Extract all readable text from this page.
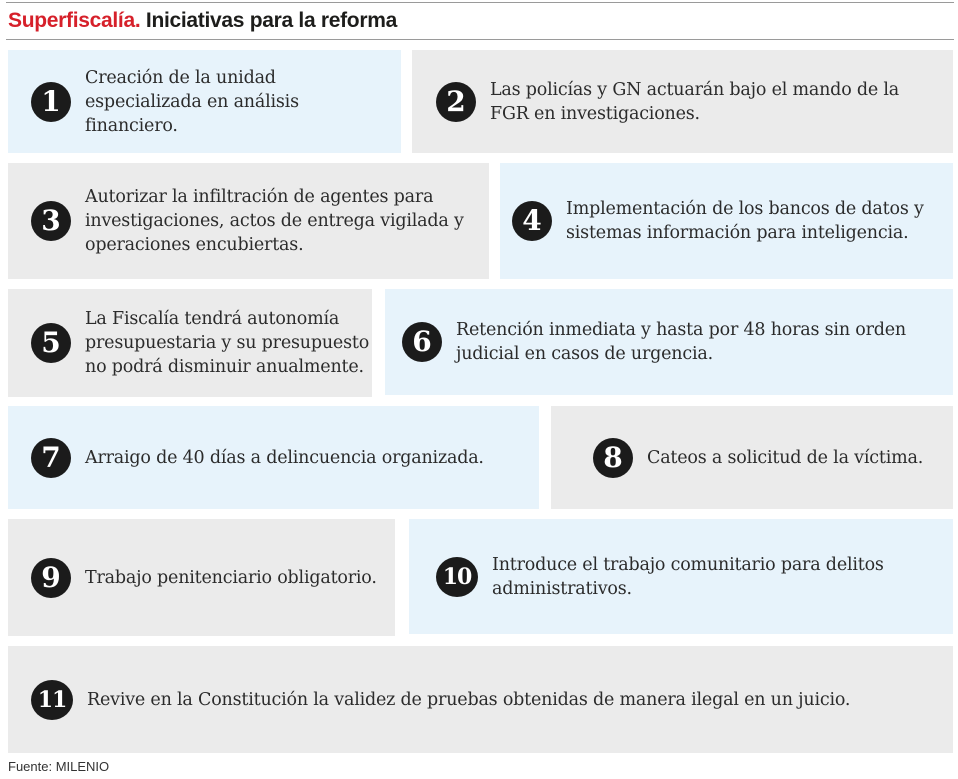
Superfiscalía. Iniciativas para la reforma
1
Creación de la unidad especializada en análisis financiero.
2	Las policías y GN actuarán bajo el mando de la FGR en investigaciones.
3
Autorizar la infiltración de agentes para investigaciones, actos de entrega vigilada y operaciones encubiertas.
4	Implementación de los bancos de datos y sistemas información para inteligencia.
5
La Fiscalía tendrá autonomía presupuestaria y su presupuesto no podrá disminuir anualmente.
6	Retención inmediata y hasta por 48 horas sin orden judicial en casos de urgencia.
7	Arraigo de 40 días a delincuencia organizada.	8	Cateos a solicitud de la víctima.
9	Trabajo penitenciario obligatorio.	10	Introduce el trabajo comunitario para delitos administrativos.
11	Revive en la Constitución la validez de pruebas obtenidas de manera ilegal en un juicio.
Fuente: MILENIO
